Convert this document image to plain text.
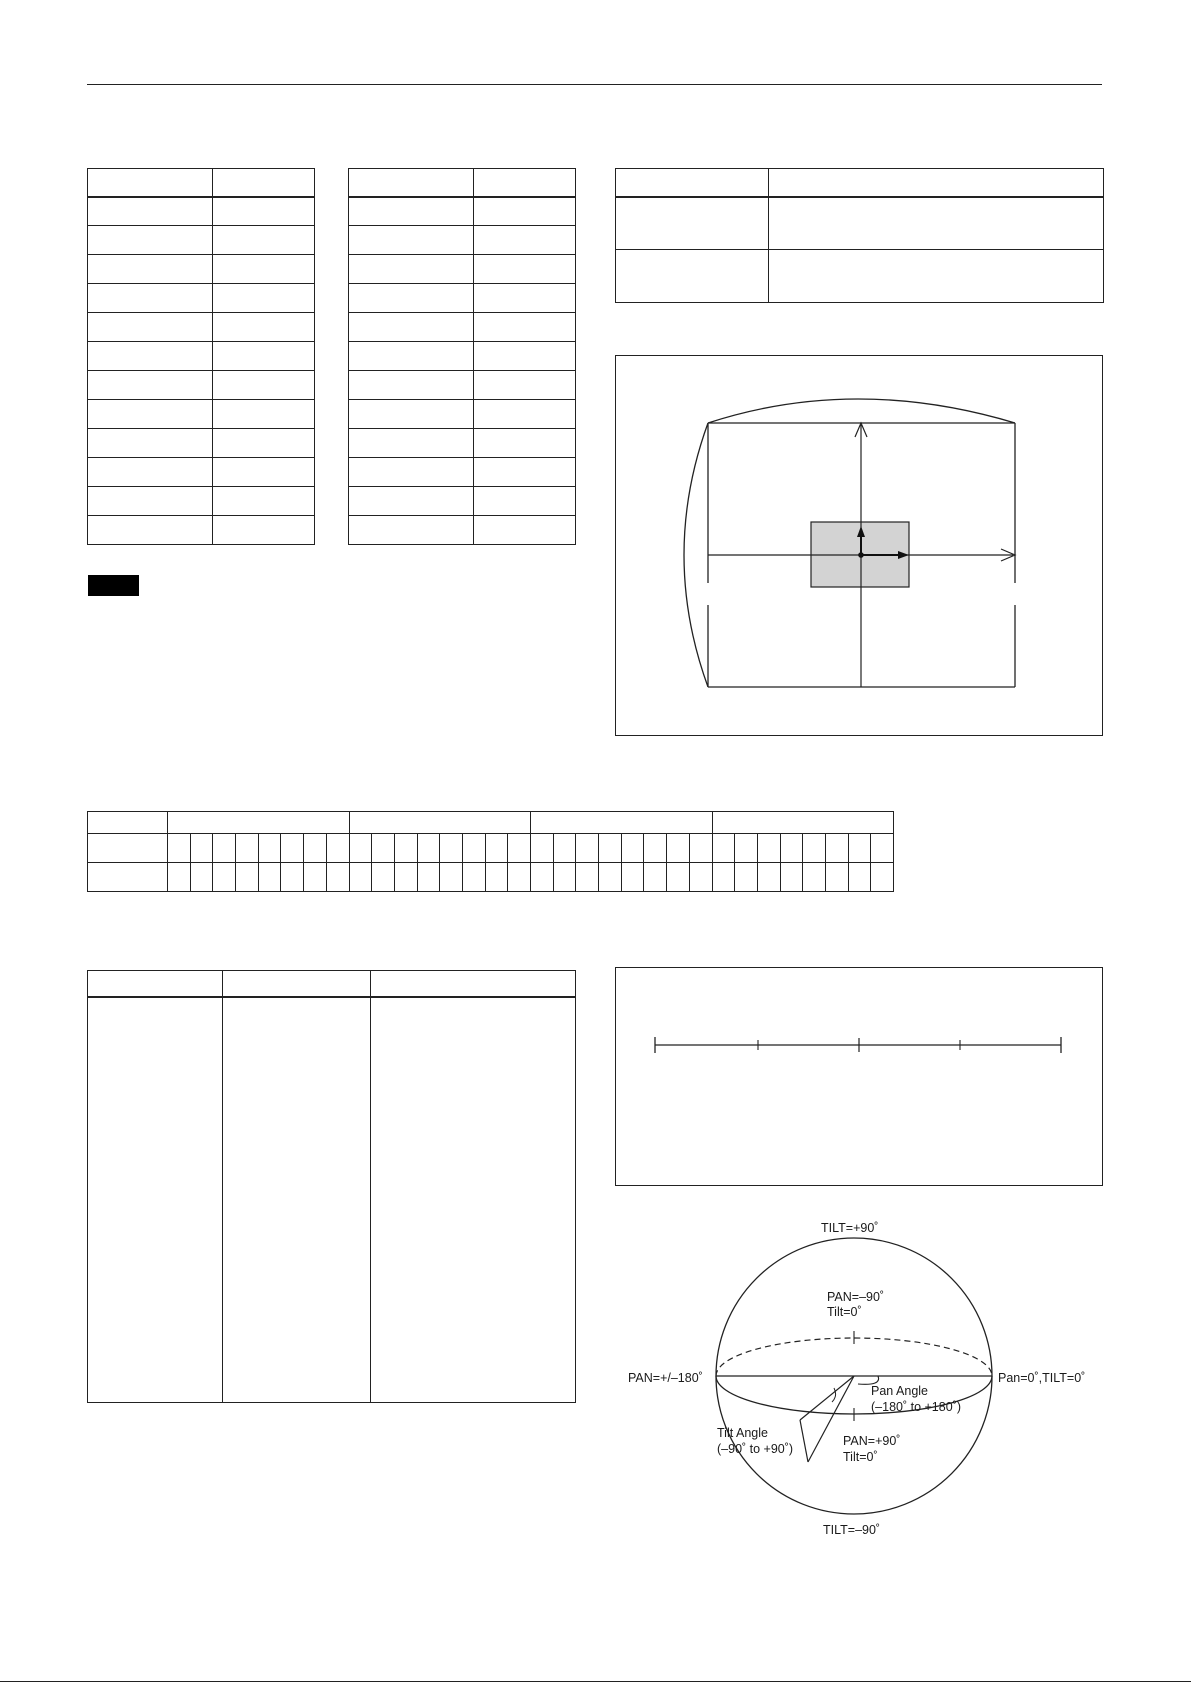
TILT=+90˚
TILT=–90˚
PAN=–90˚
Tilt=0˚
PAN=+/–180˚	Pan=0˚,TILT=0˚
Pan Angle
(–180˚ to +180˚)
Tilt Angle
(–90˚ to +90˚)
PAN=+90˚
Tilt=0˚
